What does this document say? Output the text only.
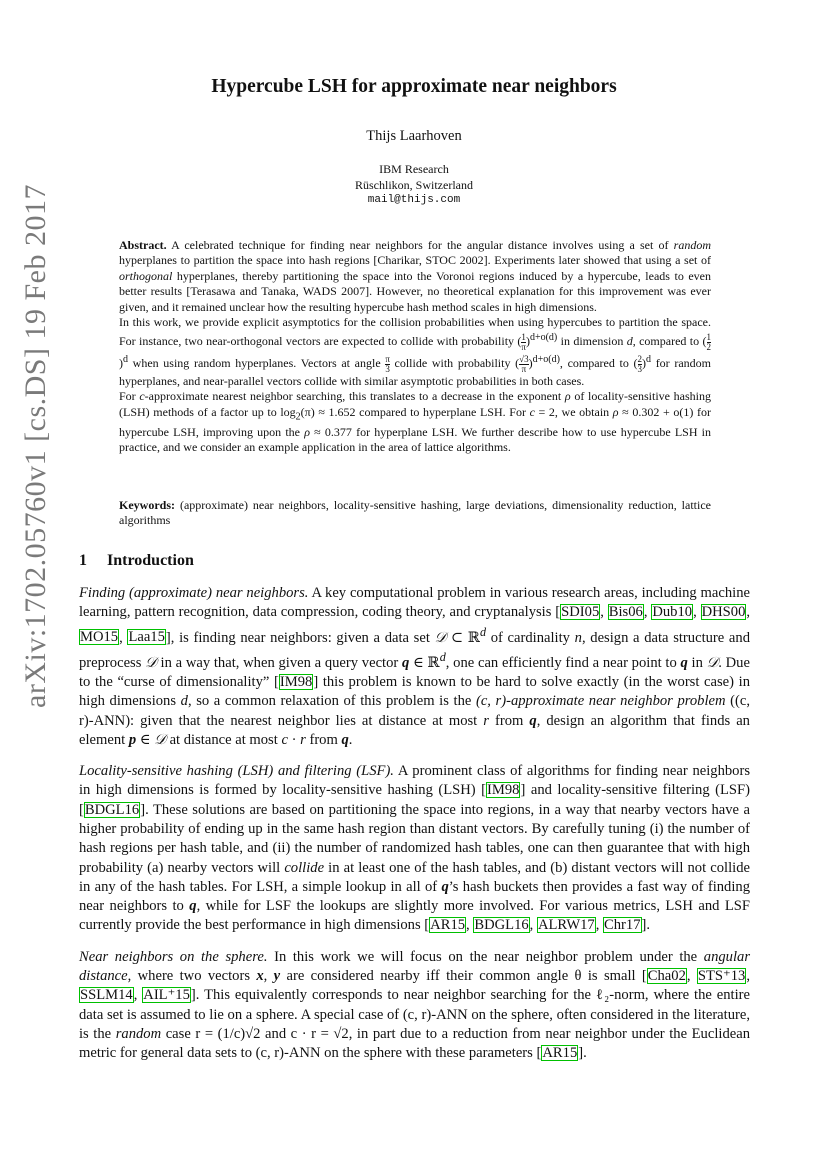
arXiv:1702.05760v1 [cs.DS] 19 Feb 2017
Hypercube LSH for approximate near neighbors
Thijs Laarhoven
IBM Research
Rüschlikon, Switzerland
mail@thijs.com

Abstract. A celebrated technique for finding near neighbors for the angular distance involves using a set of random hyperplanes to partition the space into hash regions [Charikar, STOC 2002]. Experiments later showed that using a set of orthogonal hyperplanes, thereby partitioning the space into the Voronoi regions induced by a hypercube, leads to even better results [Terasawa and Tanaka, WADS 2007]. However, no theoretical explanation for this improvement was ever given, and it remained unclear how the resulting hypercube hash method scales in high dimensions.

In this work, we provide explicit asymptotics for the collision probabilities when using hypercubes to partition the space. For instance, two near-orthogonal vectors are expected to collide with probability ( $\frac{1}{\pi} )^{d+o(d)}$ in dimension d, compared to ( $\frac{1}{2}$
)$^d$ when using random hyperplanes. Vectors at angle $\frac{\pi}{3}$ collide with probability ( $\frac{√3}{\pi} )^{d+o(d)}$, compared to ( $\frac{2}{3} )^d$ for random hyperplanes, and near-parallel vectors collide with similar asymptotic probabilities in both cases.

For c-approximate nearest neighbor searching, this translates to a decrease in the exponent ρ of locality-sensitive hashing (LSH) methods of a factor up to $\log_2(\pi) \approx 1.652$ compared to hyperplane LSH. For c = 2, we obtain ρ ≈ 0.302 + o(1) for hypercube LSH, improving upon the ρ ≈ 0.377 for hyperplane LSH. We further describe how to use hypercube LSH in practice, and we consider an example application in the area of lattice algorithms.

Keywords: (approximate) near neighbors, locality-sensitive hashing, large deviations, dimensionality reduction, lattice algorithms
1 Introduction

Finding (approximate) near neighbors. A key computational problem in various research areas, including machine learning, pattern recognition, data compression, coding theory, and cryptanalysis [SDI05, Bis06, Dub10, DHS00, MO15, Laa15], is finding near neighbors: given a data set 𝒟 ⊂ ℝ$^d$ of cardinality n, design a data structure and preprocess 𝒟 in a way that, when given a query vector q ∈ ℝ$^d$, one can efficiently find a near point to q in 𝒟. Due to the “curse of dimensionality” [IM98] this problem is known to be hard to solve exactly (in the worst case) in high dimensions d, so a common relaxation of this problem is the (c, r)-approximate near neighbor problem ((c, r)-ANN): given that the nearest neighbor lies at distance at most r from q, design an algorithm that finds an element p ∈ 𝒟 at distance at most c · r from q.

Locality-sensitive hashing (LSH) and filtering (LSF). A prominent class of algorithms for finding near neighbors in high dimensions is formed by locality-sensitive hashing (LSH) [IM98] and locality-sensitive filtering (LSF) [BDGL16]. These solutions are based on partitioning the space into regions, in a way that nearby vectors have a higher probability of ending up in the same hash region than distant vectors. By carefully tuning (i) the number of hash regions per hash table, and (ii) the number of randomized hash tables, one can then guarantee that with high probability (a) nearby vectors will collide in at least one of the hash tables, and (b) distant vectors will not collide in any of the hash tables. For LSH, a simple lookup in all of q’s hash buckets then provides a fast way of finding near neighbors to q, while for LSF the lookups are slightly more involved. For various metrics, LSH and LSF currently provide the best performance in high dimensions [AR15, BDGL16, ALRW17, Chr17].

Near neighbors on the sphere. In this work we will focus on the near neighbor problem under the angular distance, where two vectors x, y are considered nearby iff their common angle θ is small [Cha02, STS⁺13, SSLM14, AIL⁺15]. This equivalently corresponds to near neighbor searching for the ℓ₂-norm, where the entire data set is assumed to lie on a sphere. A special case of (c, r)-ANN on the sphere, often considered in the literature, is the random case r = (1/c)√2 and c · r = √2, in part due to a reduction from near neighbor under the Euclidean metric for general data sets to (c, r)-ANN on the sphere with these parameters [AR15].
